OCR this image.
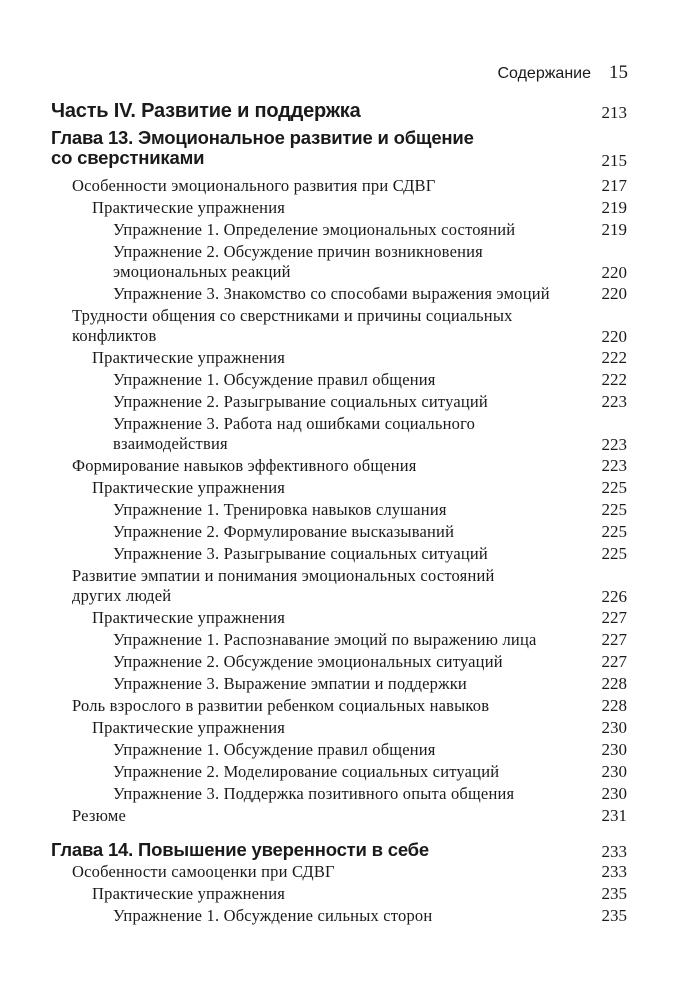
Содержание 15
Часть IV. Развитие и поддержка	213
Глава 13. Эмоциональное развитие и общение
со сверстниками	215
Особенности эмоционального развития при СДВГ	217
Практические упражнения	219
Упражнение 1. Определение эмоциональных состояний	219
Упражнение 2. Обсуждение причин возникновения
эмоциональных реакций	220
Упражнение 3. Знакомство со способами выражения эмоций	220
Трудности общения со сверстниками и причины социальных
конфликтов	220
Практические упражнения	222
Упражнение 1. Обсуждение правил общения	222
Упражнение 2. Разыгрывание социальных ситуаций	223
Упражнение 3. Работа над ошибками социального
взаимодействия	223
Формирование навыков эффективного общения	223
Практические упражнения	225
Упражнение 1. Тренировка навыков слушания	225
Упражнение 2. Формулирование высказываний	225
Упражнение 3. Разыгрывание социальных ситуаций	225
Развитие эмпатии и понимания эмоциональных состояний
других людей	226
Практические упражнения	227
Упражнение 1. Распознавание эмоций по выражению лица	227
Упражнение 2. Обсуждение эмоциональных ситуаций	227
Упражнение 3. Выражение эмпатии и поддержки	228
Роль взрослого в развитии ребенком социальных навыков	228
Практические упражнения	230
Упражнение 1. Обсуждение правил общения	230
Упражнение 2. Моделирование социальных ситуаций	230
Упражнение 3. Поддержка позитивного опыта общения	230
Резюме	231
Глава 14. Повышение уверенности в себе	233
Особенности самооценки при СДВГ	233
Практические упражнения	235
Упражнение 1. Обсуждение сильных сторон	235
